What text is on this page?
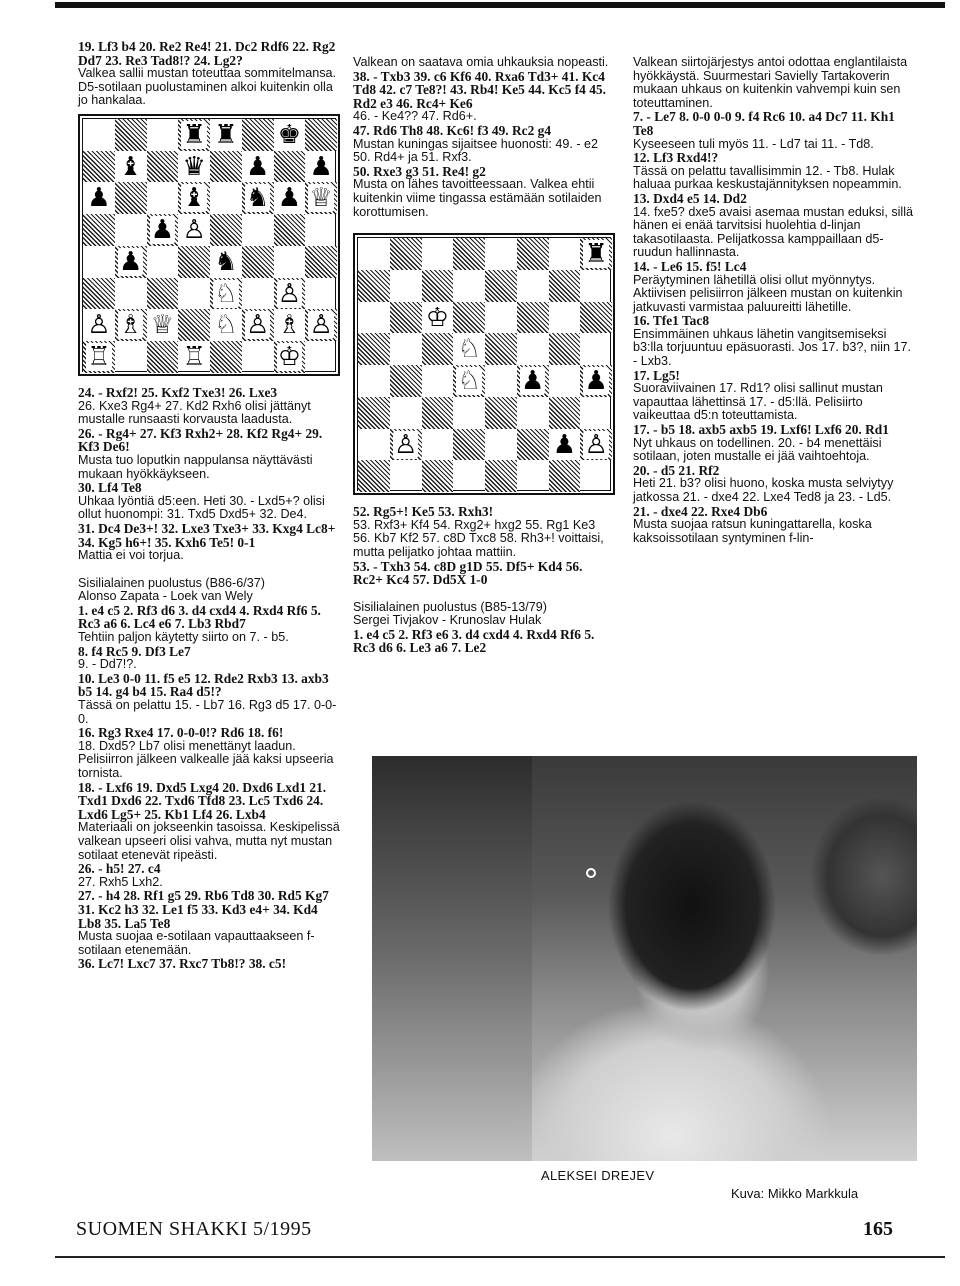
19. Lf3 b4 20. Re2 Re4! 21. Dc2 Rdf6 22. Rg2 Dd7 23. Re3 Tad8!? 24. Lg2?

Valkea sallii mustan toteuttaa sommitelmansa. D5-sotilaan puolustaminen alkoi kuitenkin olla jo hankalaa.

♜ ♜ ♚
♝ ♛ ♟ ♟
♟	♝ ♞ ♟ ♕
♟ ♙
♟	♞
♘ ♙
♙ ♗ ♕ ♘ ♙ ♗ ♙
♖	♖	♔

24. - Rxf2! 25. Kxf2 Txe3! 26. Lxe3

26. Kxe3 Rg4+ 27. Kd2 Rxh6 olisi jättänyt mustalle runsaasti korvausta laadusta.

26. - Rg4+ 27. Kf3 Rxh2+ 28. Kf2 Rg4+ 29. Kf3 De6!

Musta tuo loputkin nappulansa näyttävästi mukaan hyökkäykseen.

30. Lf4 Te8

Uhkaa lyöntiä d5:een. Heti 30. - Lxd5+? olisi ollut huonompi: 31. Txd5 Dxd5+ 32. De4.

31. Dc4 De3+! 32. Lxe3 Txe3+ 33. Kxg4 Lc8+ 34. Kg5 h6+! 35. Kxh6 Te5! 0-1

Mattia ei voi torjua.

Sisilialainen puolustus (B86-6/37)

Alonso Zapata - Loek van Wely

1. e4 c5 2. Rf3 d6 3. d4 cxd4 4. Rxd4 Rf6 5. Rc3 a6 6. Lc4 e6 7. Lb3 Rbd7

Tehtiin paljon käytetty siirto on 7. - b5.

8. f4 Rc5 9. Df3 Le7

9. - Dd7!?.

10. Le3 0-0 11. f5 e5 12. Rde2 Rxb3 13. axb3 b5 14. g4 b4 15. Ra4 d5!?

Tässä on pelattu 15. - Lb7 16. Rg3 d5 17. 0-0-0.

16. Rg3 Rxe4 17. 0-0-0!? Rd6 18. f6!

18. Dxd5? Lb7 olisi menettänyt laadun. Pelisiirron jälkeen valkealle jää kaksi upseeria tornista.

18. - Lxf6 19. Dxd5 Lxg4 20. Dxd6 Lxd1 21. Txd1 Dxd6 22. Txd6 Tfd8 23. Lc5 Txd6 24. Lxd6 Lg5+ 25. Kb1 Lf4 26. Lxb4

Materiaali on jokseenkin tasoissa. Keskipelissä valkean upseeri olisi vahva, mutta nyt mustan sotilaat etenevät ripeästi.

26. - h5! 27. c4

27. Rxh5 Lxh2.

27. - h4 28. Rf1 g5 29. Rb6 Td8 30. Rd5 Kg7 31. Kc2 h3 32. Le1 f5 33. Kd3 e4+ 34. Kd4 Lb8 35. La5 Te8

Musta suojaa e-sotilaan vapauttaakseen f-sotilaan etenemään.

36. Lc7! Lxc7 37. Rxc7 Tb8!? 38. c5!

Valkean on saatava omia uhkauksia nopeasti.

38. - Txb3 39. c6 Kf6 40. Rxa6 Td3+ 41. Kc4 Td8 42. c7 Te8?! 43. Rb4! Ke5 44. Kc5 f4 45. Rd2 e3 46. Rc4+ Ke6

46. - Ke4?? 47. Rd6+.

47. Rd6 Th8 48. Kc6! f3 49. Rc2 g4

Mustan kuningas sijaitsee huonosti: 49. - e2 50. Rd4+ ja 51. Rxf3.

50. Rxe3 g3 51. Re4! g2

Musta on lähes tavoitteessaan. Valkea ehtii kuitenkin viime tingassa estämään sotilaiden korottumisen.

♜
♔
♘
♘ ♟ ♟
♙	♟ ♙

52. Rg5+! Ke5 53. Rxh3!

53. Rxf3+ Kf4 54. Rxg2+ hxg2 55. Rg1 Ke3 56. Kb7 Kf2 57. c8D Txc8 58. Rh3+! voittaisi, mutta pelijatko johtaa mattiin.

53. - Txh3 54. c8D g1D 55. Df5+ Kd4 56. Rc2+ Kc4 57. Dd5X 1-0

Sisilialainen puolustus (B85-13/79)

Sergei Tivjakov - Krunoslav Hulak

1. e4 c5 2. Rf3 e6 3. d4 cxd4 4. Rxd4 Rf6 5. Rc3 d6 6. Le3 a6 7. Le2

Valkean siirtojärjestys antoi odottaa englantilaista hyökkäystä. Suurmestari Savielly Tartakoverin mukaan uhkaus on kuitenkin vahvempi kuin sen toteuttaminen.

7. - Le7 8. 0-0 0-0 9. f4 Rc6 10. a4 Dc7 11. Kh1 Te8

Kyseeseen tuli myös 11. - Ld7 tai 11. - Td8.

12. Lf3 Rxd4!?

Tässä on pelattu tavallisimmin 12. - Tb8. Hulak haluaa purkaa keskustajännityksen nopeammin.

13. Dxd4 e5 14. Dd2

14. fxe5? dxe5 avaisi asemaa mustan eduksi, sillä hänen ei enää tarvitsisi huolehtia d-linjan takasotilaasta. Pelijatkossa kamppaillaan d5-ruudun hallinnasta.

14. - Le6 15. f5! Lc4

Peräytyminen lähetillä olisi ollut myönnytys. Aktiivisen pelisiirron jälkeen mustan on kuitenkin jatkuvasti varmistaa paluureitti lähetille.

16. Tfe1 Tac8

Ensimmäinen uhkaus lähetin vangitsemiseksi b3:lla torjuuntuu epäsuorasti. Jos 17. b3?, niin 17. - Lxb3.

17. Lg5!

Suoraviivainen 17. Rd1? olisi sallinut mustan vapauttaa lähettinsä 17. - d5:llä. Pelisiirto vaikeuttaa d5:n toteuttamista.

17. - b5 18. axb5 axb5 19. Lxf6! Lxf6 20. Rd1

Nyt uhkaus on todellinen. 20. - b4 menettäisi sotilaan, joten mustalle ei jää vaihtoehtoja.

20. - d5 21. Rf2

Heti 21. b3? olisi huono, koska musta selviytyy jatkossa 21. - dxe4 22. Lxe4 Ted8 ja 23. - Ld5.

21. - dxe4 22. Rxe4 Db6

Musta suojaa ratsun kuningattarella, koska kaksoissotilaan syntyminen f-lin-

ALEKSEI DREJEV
Kuva: Mikko Markkula
SUOMEN SHAKKI 5/1995	165
